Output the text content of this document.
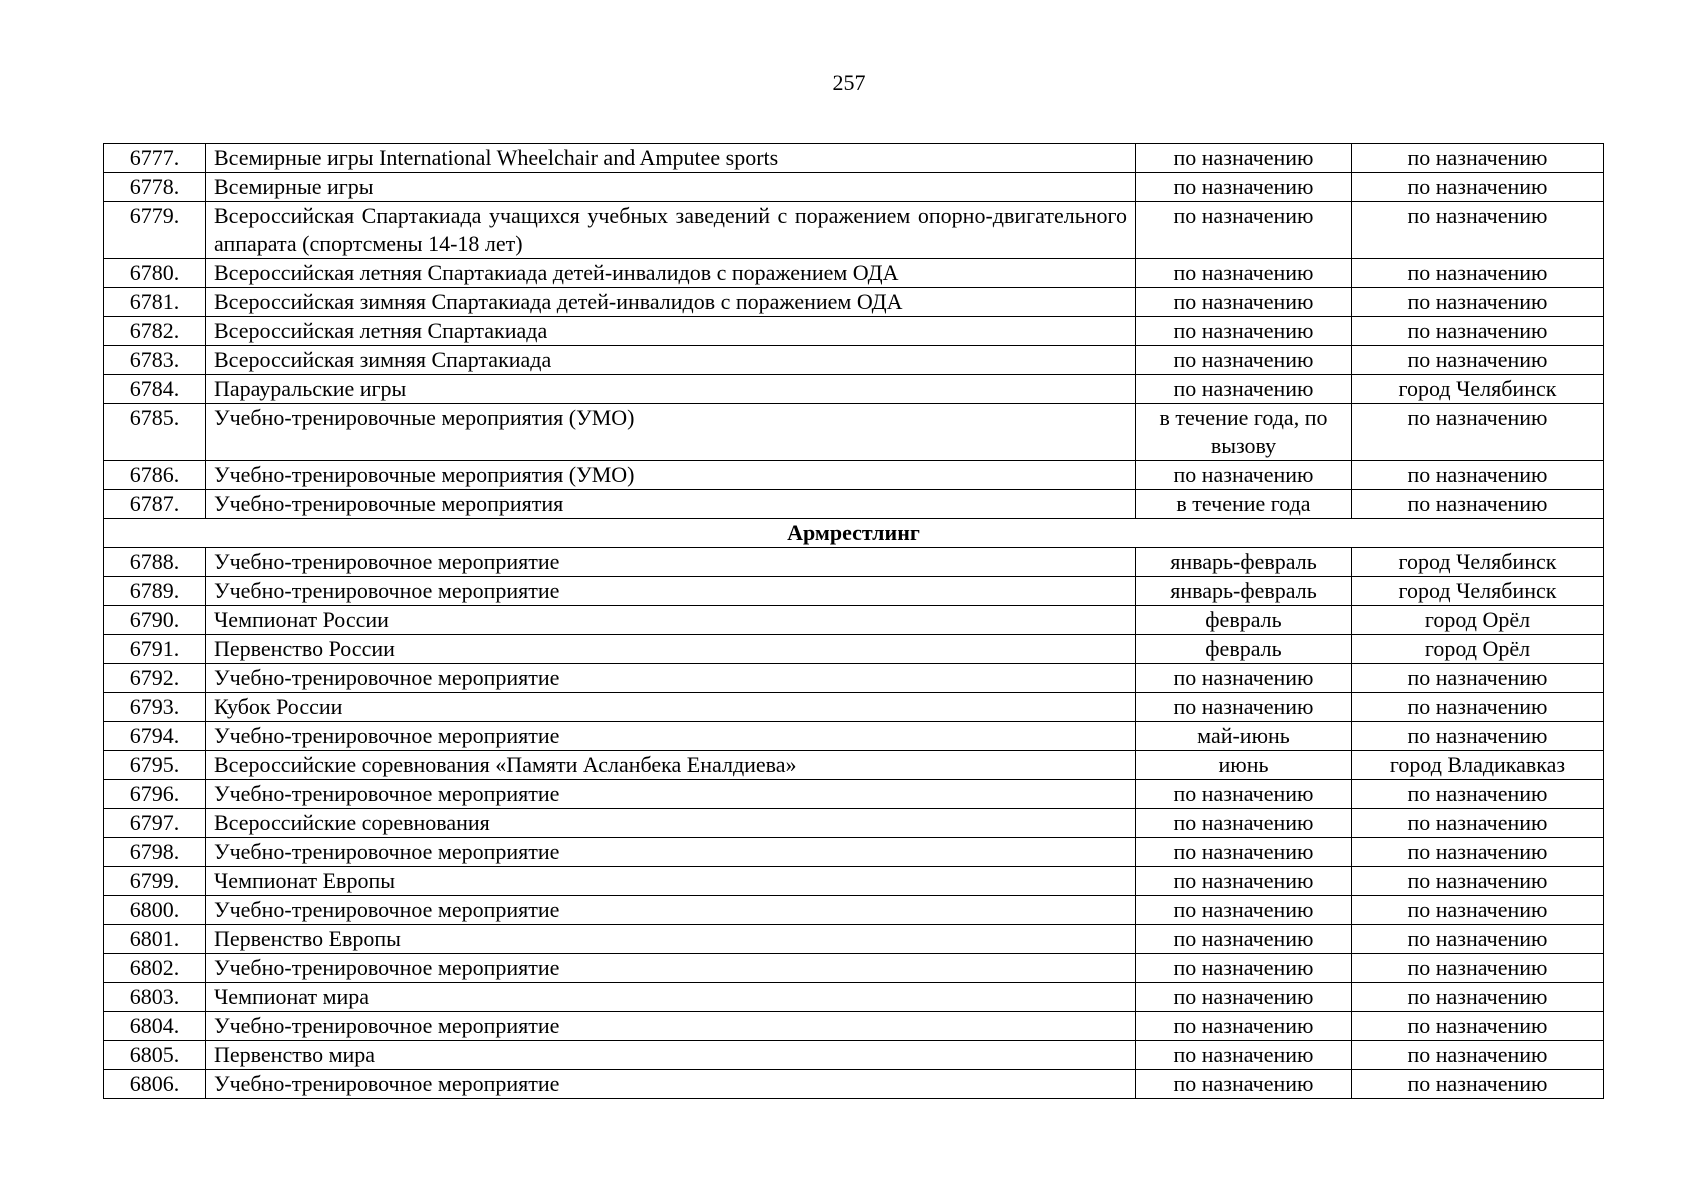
257
6777.	Всемирные игры International Wheelchair and Amputee sports	по назначению	по назначению
6778.	Всемирные игры	по назначению	по назначению
6779.	Всероссийская Спартакиада учащихся учебных заведений с поражением опорно-двигательного аппарата (спортсмены 14-18 лет)	по назначению	по назначению
6780.	Всероссийская летняя Спартакиада детей-инвалидов с поражением ОДА	по назначению	по назначению
6781.	Всероссийская зимняя Спартакиада детей-инвалидов с поражением ОДА	по назначению	по назначению
6782.	Всероссийская летняя Спартакиада	по назначению	по назначению
6783.	Всероссийская зимняя Спартакиада	по назначению	по назначению
6784.	Парауральские игры	по назначению	город Челябинск
6785.	Учебно-тренировочные мероприятия (УМО)	в течение года, по вызову	по назначению
6786.	Учебно-тренировочные мероприятия (УМО)	по назначению	по назначению
6787.	Учебно-тренировочные мероприятия	в течение года	по назначению
Армрестлинг			
6788.	Учебно-тренировочное мероприятие	январь-февраль	город Челябинск
6789.	Учебно-тренировочное мероприятие	январь-февраль	город Челябинск
6790.	Чемпионат России	февраль	город Орёл
6791.	Первенство России	февраль	город Орёл
6792.	Учебно-тренировочное мероприятие	по назначению	по назначению
6793.	Кубок России	по назначению	по назначению
6794.	Учебно-тренировочное мероприятие	май-июнь	по назначению
6795.	Всероссийские соревнования «Памяти Асланбека Еналдиева»	июнь	город Владикавказ
6796.	Учебно-тренировочное мероприятие	по назначению	по назначению
6797.	Всероссийские соревнования	по назначению	по назначению
6798.	Учебно-тренировочное мероприятие	по назначению	по назначению
6799.	Чемпионат Европы	по назначению	по назначению
6800.	Учебно-тренировочное мероприятие	по назначению	по назначению
6801.	Первенство Европы	по назначению	по назначению
6802.	Учебно-тренировочное мероприятие	по назначению	по назначению
6803.	Чемпионат мира	по назначению	по назначению
6804.	Учебно-тренировочное мероприятие	по назначению	по назначению
6805.	Первенство мира	по назначению	по назначению
6806.	Учебно-тренировочное мероприятие	по назначению	по назначению
